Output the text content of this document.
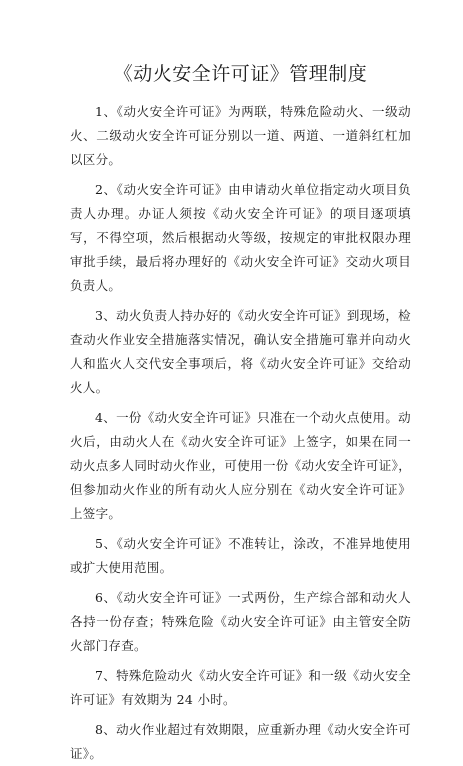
《动火安全许可证》管理制度

1、《动火安全许可证》为两联，特殊危险动火、一级动火、二级动火安全许可证分别以一道、两道、一道斜红杠加以区分。

2、《动火安全许可证》由申请动火单位指定动火项目负责人办理。办证人须按《动火安全许可证》的项目逐项填写，不得空项，然后根据动火等级，按规定的审批权限办理审批手续，最后将办理好的《动火安全许可证》交动火项目负责人。

3、动火负责人持办好的《动火安全许可证》到现场，检查动火作业安全措施落实情况，确认安全措施可靠并向动火人和监火人交代安全事项后，将《动火安全许可证》交给动火人。

4、一份《动火安全许可证》只准在一个动火点使用。动火后，由动火人在《动火安全许可证》上签字，如果在同一动火点多人同时动火作业，可使用一份《动火安全许可证》，但参加动火作业的所有动火人应分别在《动火安全许可证》上签字。

5、《动火安全许可证》不准转让，涂改，不准异地使用或扩大使用范围。

6、《动火安全许可证》一式两份，生产综合部和动火人各持一份存查；特殊危险《动火安全许可证》由主管安全防火部门存查。

7、特殊危险动火《动火安全许可证》和一级《动火安全许可证》有效期为 24 小时。

8、动火作业超过有效期限，应重新办理《动火安全许可证》。
